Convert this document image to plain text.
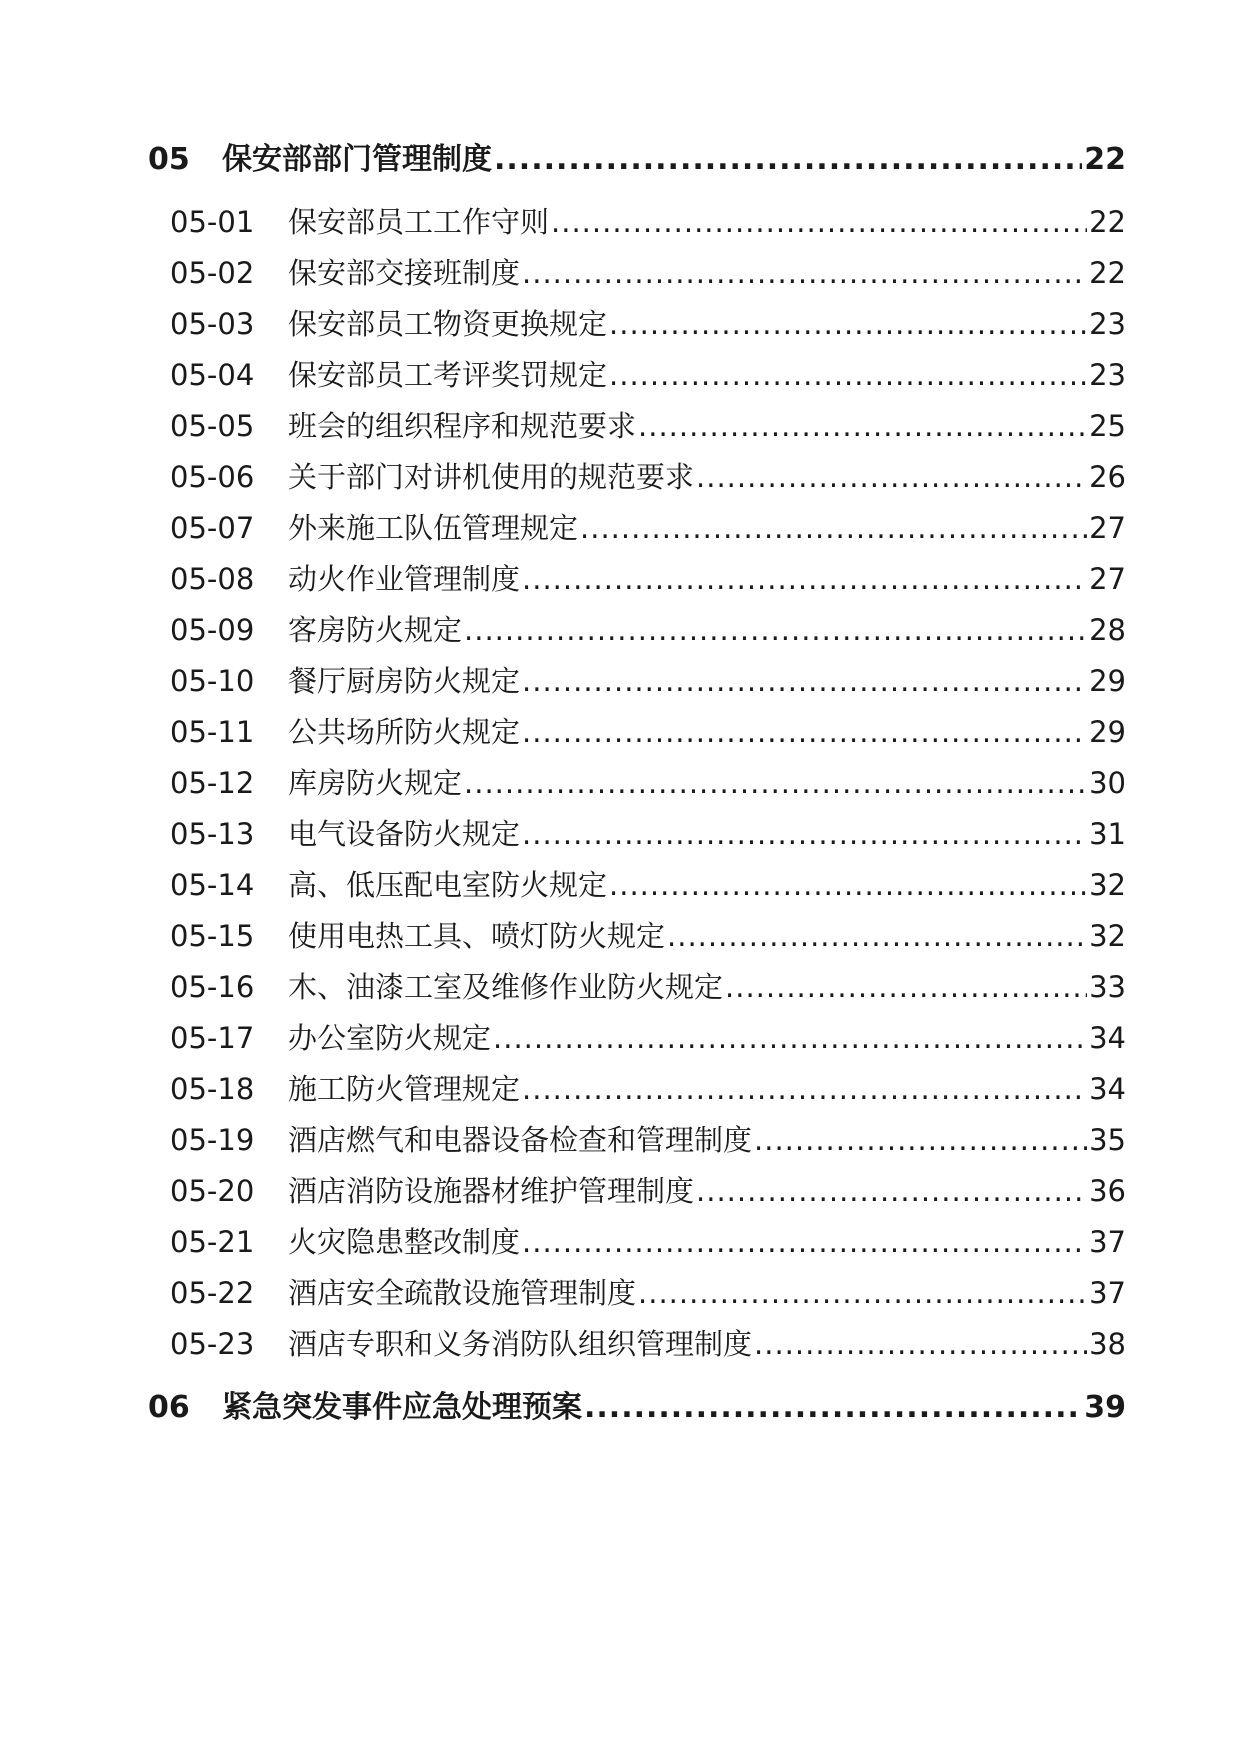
05	保安部部门管理制度 .....	22
05-01	保安部员工工作守则 .....	22
05-02	保安部交接班制度 .....	22
05-03	保安部员工物资更换规定 .....	23
05-04	保安部员工考评奖罚规定 .....	23
05-05	班会的组织程序和规范要求 .....	25
05-06	关于部门对讲机使用的规范要求 .....	26
05-07	外来施工队伍管理规定 .....	27
05-08	动火作业管理制度 .....	27
05-09	客房防火规定 .....	28
05-10	餐厅厨房防火规定 .....	29
05-11	公共场所防火规定 .....	29
05-12	库房防火规定 .....	30
05-13	电气设备防火规定 .....	31
05-14	高、低压配电室防火规定 .....	32
05-15	使用电热工具、喷灯防火规定 .....	32
05-16	木、油漆工室及维修作业防火规定 .....	33
05-17	办公室防火规定 .....	34
05-18	施工防火管理规定 .....	34
05-19	酒店燃气和电器设备检查和管理制度 .....	35
05-20	酒店消防设施器材维护管理制度 .....	36
05-21	火灾隐患整改制度 .....	37
05-22	酒店安全疏散设施管理制度 .....	37
05-23	酒店专职和义务消防队组织管理制度 .....	38
06	紧急突发事件应急处理预案 .....	39
